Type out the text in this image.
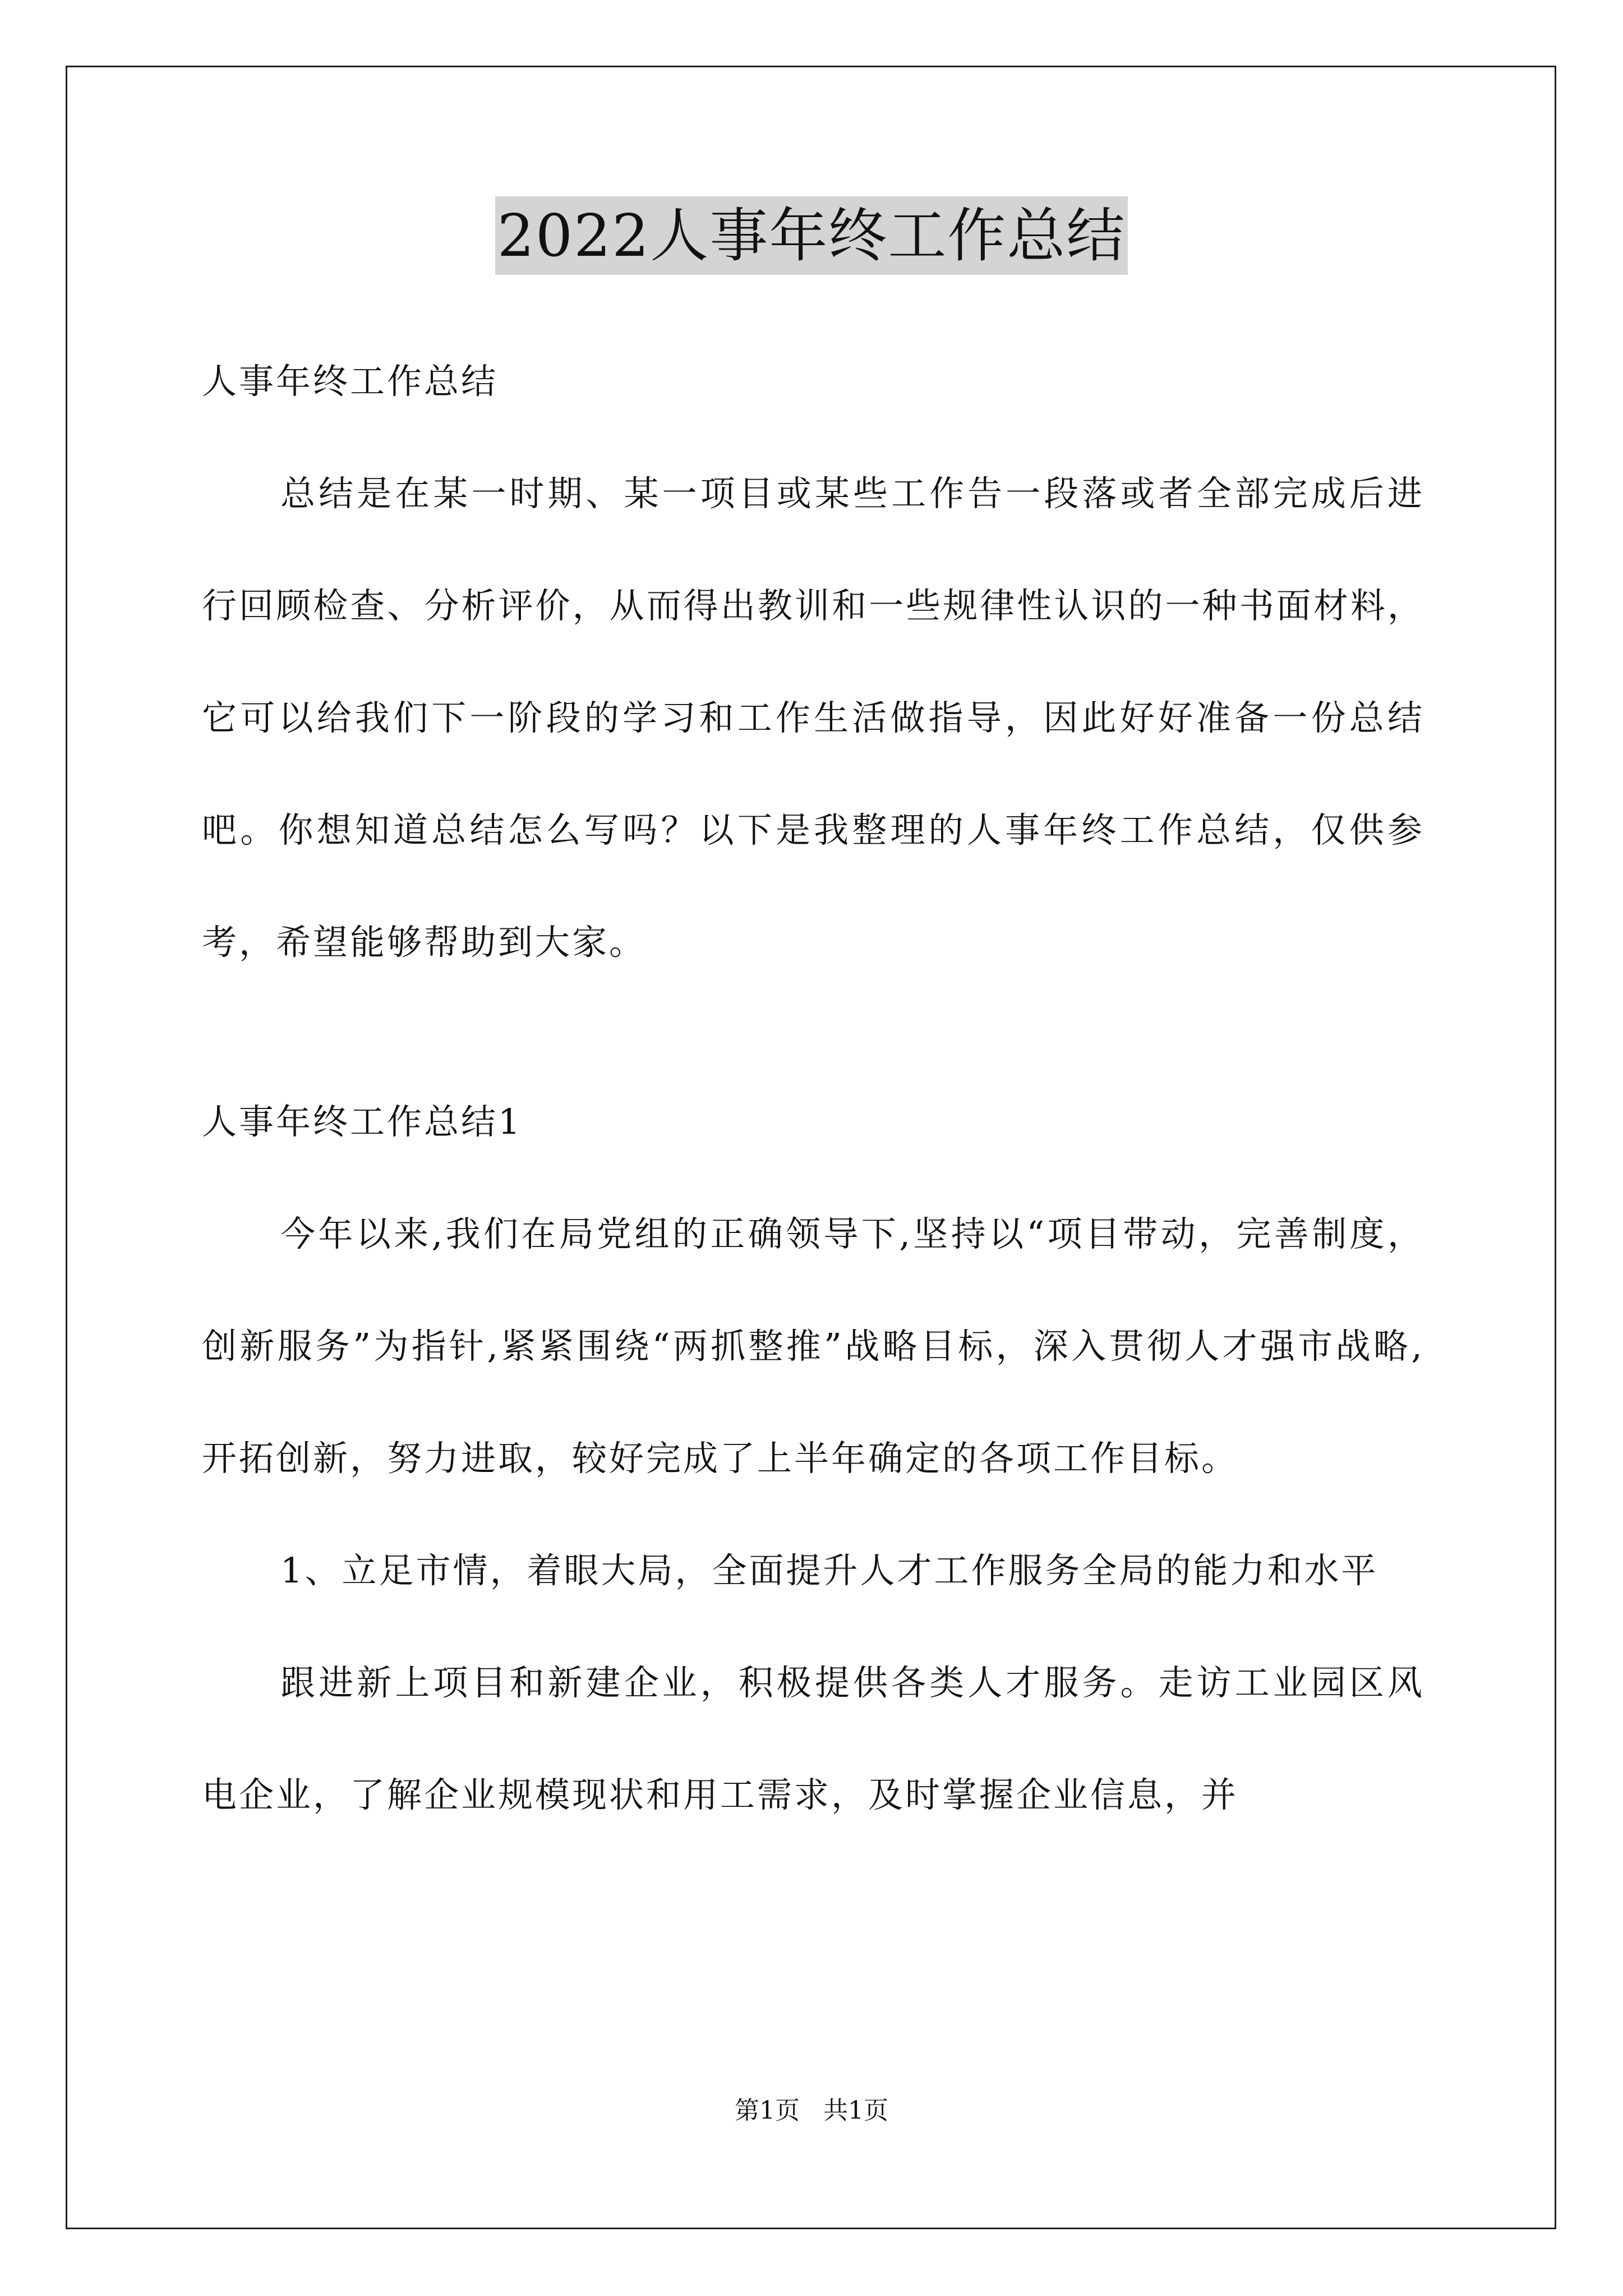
2022人事年终工作总结

人事年终工作总结

总结是在某一时期、某一项目或某些工作告一段落或者全部完成后进行回顾检查、分析评价，从而得出教训和一些规律性认识的一种书面材料，它可以给我们下一阶段的学习和工作生活做指导，因此好好准备一份总结吧。你想知道总结怎么写吗？以下是我整理的人事年终工作总结，仅供参考，希望能够帮助到大家。

人事年终工作总结1

今年以来,我们在局党组的正确领导下,坚持以“项目带动，完善制度，创新服务”为指针,紧紧围绕“两抓整推”战略目标，深入贯彻人才强市战略,开拓创新，努力进取，较好完成了上半年确定的各项工作目标。

1、立足市情，着眼大局，全面提升人才工作服务全局的能力和水平

跟进新上项目和新建企业，积极提供各类人才服务。走访工业园区风电企业，了解企业规模现状和用工需求，及时掌握企业信息，并

第1页 共1页
